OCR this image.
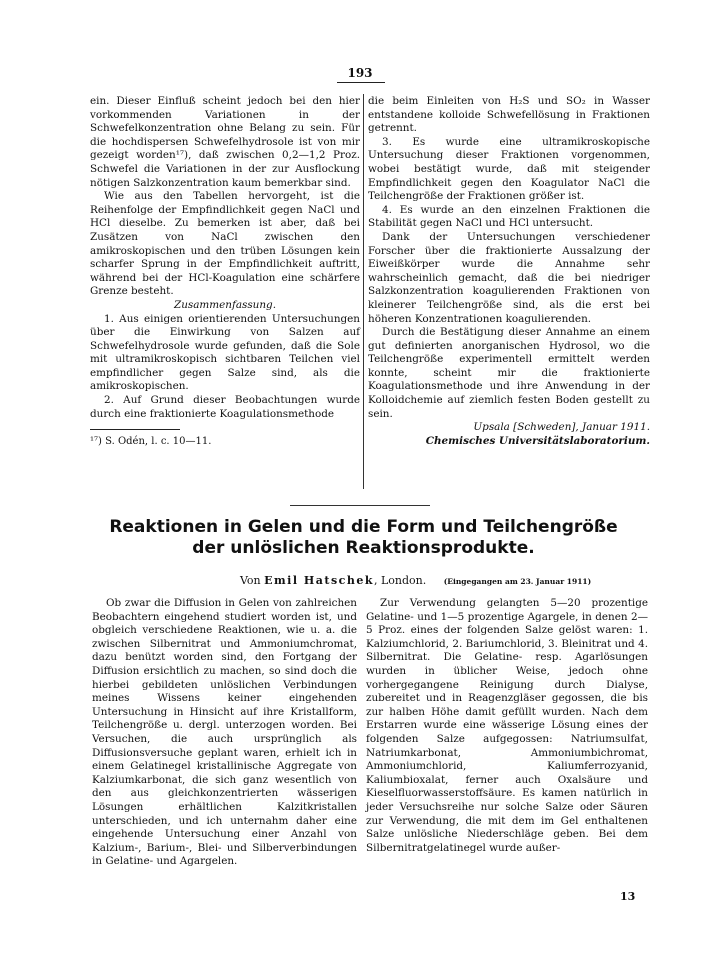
193

ein. Dieser Einfluß scheint jedoch bei den hier vorkommenden Variationen in der Schwefelkonzentration ohne Belang zu sein. Für die hochdispersen Schwefelhydrosole ist von mir gezeigt worden¹⁷), daß zwischen 0,2—1,2 Proz. Schwefel die Variationen in der zur Ausflockung nötigen Salzkonzentration kaum bemerkbar sind.

Wie aus den Tabellen hervorgeht, ist die Reihenfolge der Empfindlichkeit gegen NaCl und HCl dieselbe. Zu bemerken ist aber, daß bei Zusätzen von NaCl zwischen den amikroskopischen und den trüben Lösungen kein scharfer Sprung in der Empfindlichkeit auftritt, während bei der HCl-Koagulation eine schärfere Grenze besteht.

Zusammenfassung.

1. Aus einigen orientierenden Untersuchungen über die Einwirkung von Salzen auf Schwefelhydrosole wurde gefunden, daß die Sole mit ultramikroskopisch sichtbaren Teilchen viel empfindlicher gegen Salze sind, als die amikroskopischen.

2. Auf Grund dieser Beobachtungen wurde durch eine fraktionierte Koagulationsmethode

¹⁷) S. Odén, l. c. 10—11.

die beim Einleiten von H₂S und SO₂ in Wasser entstandene kolloide Schwefellösung in Fraktionen getrennt.

3. Es wurde eine ultramikroskopische Untersuchung dieser Fraktionen vorgenommen, wobei bestätigt wurde, daß mit steigender Empfindlichkeit gegen den Koagulator NaCl die Teilchengröße der Fraktionen größer ist.

4. Es wurde an den einzelnen Fraktionen die Stabilität gegen NaCl und HCl untersucht.

Dank der Untersuchungen verschiedener Forscher über die fraktionierte Aussalzung der Eiweißkörper wurde die Annahme sehr wahrscheinlich gemacht, daß die bei niedriger Salzkonzentration koagulierenden Fraktionen von kleinerer Teilchengröße sind, als die erst bei höheren Konzentrationen koagulierenden.

Durch die Bestätigung dieser Annahme an einem gut definierten anorganischen Hydrosol, wo die Teilchengröße experimentell ermittelt werden konnte, scheint mir die fraktionierte Koagulationsmethode und ihre Anwendung in der Kolloidchemie auf ziemlich festen Boden gestellt zu sein.

Upsala [Schweden], Januar 1911.

Chemisches Universitätslaboratorium.

Reaktionen in Gelen und die Form und Teilchengröße
der unlöslichen Reaktionsprodukte.
Von Emil Hatschek, London. (Eingegangen am 23. Januar 1911)

Ob zwar die Diffusion in Gelen von zahlreichen Beobachtern eingehend studiert worden ist, und obgleich verschiedene Reaktionen, wie u. a. die zwischen Silbernitrat und Ammoniumchromat, dazu benützt worden sind, den Fortgang der Diffusion ersichtlich zu machen, so sind doch die hierbei gebildeten unlöslichen Verbindungen meines Wissens keiner eingehenden Untersuchung in Hinsicht auf ihre Kristallform, Teilchengröße u. dergl. unterzogen worden. Bei Versuchen, die auch ursprünglich als Diffusionsversuche geplant waren, erhielt ich in einem Gelatinegel kristallinische Aggregate von Kalziumkarbonat, die sich ganz wesentlich von den aus gleichkonzentrierten wässerigen Lösungen erhältlichen Kalzitkristallen unterschieden, und ich unternahm daher eine eingehende Untersuchung einer Anzahl von Kalzium-, Barium-, Blei- und Silberverbindungen in Gelatine- und Agargelen.

Zur Verwendung gelangten 5—20 prozentige Gelatine- und 1—5 prozentige Agargele, in denen 2—5 Proz. eines der folgenden Salze gelöst waren: 1. Kalziumchlorid, 2. Bariumchlorid, 3. Bleinitrat und 4. Silbernitrat. Die Gelatine- resp. Agarlösungen wurden in üblicher Weise, jedoch ohne vorhergegangene Reinigung durch Dialyse, zubereitet und in Reagenzgläser gegossen, die bis zur halben Höhe damit gefüllt wurden. Nach dem Erstarren wurde eine wässerige Lösung eines der folgenden Salze aufgegossen: Natriumsulfat, Natriumkarbonat, Ammoniumbichromat, Ammoniumchlorid, Kaliumferrozyanid, Kaliumbioxalat, ferner auch Oxalsäure und Kieselfluorwasserstoffsäure. Es kamen natürlich in jeder Versuchsreihe nur solche Salze oder Säuren zur Verwendung, die mit dem im Gel enthaltenen Salze unlösliche Niederschläge geben. Bei dem Silbernitratgelatinegel wurde außer-

13
